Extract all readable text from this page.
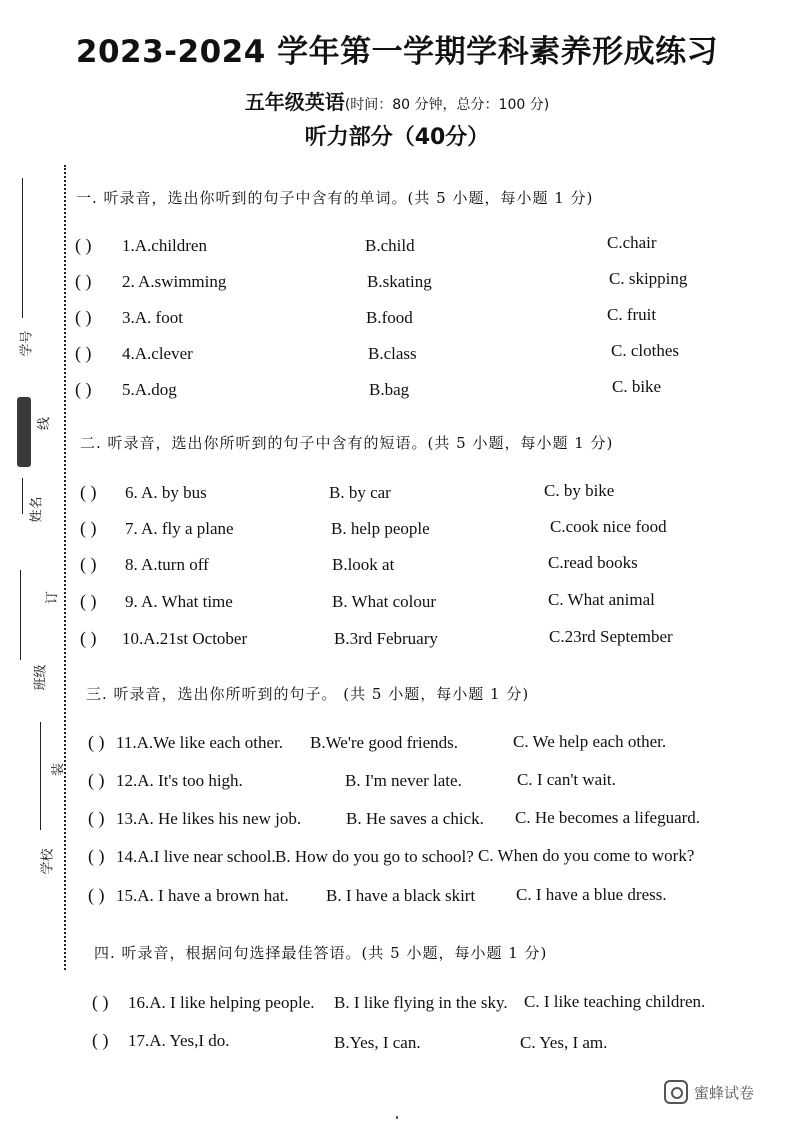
2023-2024 学年第一学期学科素养形成练习
五年级英语(时间：80 分钟，总分：100 分)
听力部分（40分）
学号
线
姓名
订
班级
装
学校
一. 听录音，选出你听到的句子中含有的单词。(共 5 小题，每小题 1 分)
( ) 1.A.children	B.child	C.chair
( ) 2. A.swimming	B.skating	C. skipping
( ) 3.A. foot	B.food	C. fruit
( ) 4.A.clever	B.class	C. clothes
( ) 5.A.dog	B.bag	C. bike
二. 听录音，选出你所听到的句子中含有的短语。(共 5 小题，每小题 1 分)
( ) 6. A. by bus	B. by car	C. by bike
( ) 7. A. fly a plane	B. help people	C.cook nice food
( ) 8. A.turn off	B.look at	C.read books
( ) 9. A. What time	B. What colour	C. What animal
( ) 10.A.21st October	B.3rd February	C.23rd September
三. 听录音，选出你所听到的句子。 (共 5 小题，每小题 1 分)
( ) 11.A.We like each other. B.We're good friends.	C. We help each other.
( ) 12.A. It's too high.	B. I'm never late.	C. I can't wait.
( ) 13.A. He likes his new job.	B. He saves a chick. C. He becomes a lifeguard.
( ) 14.A.I live near school. B. How do you go to school? C. When do you come to work?
( ) 15.A. I have a brown hat. B. I have a black skirt C. I have a blue dress.
四. 听录音，根据问句选择最佳答语。(共 5 小题，每小题 1 分)
( ) 16.A. I like helping people. B. I like flying in the sky. C. I like teaching children.
( ) 17.A. Yes,I do.	B.Yes, I can.	C. Yes, I am.
蜜蜂试卷
